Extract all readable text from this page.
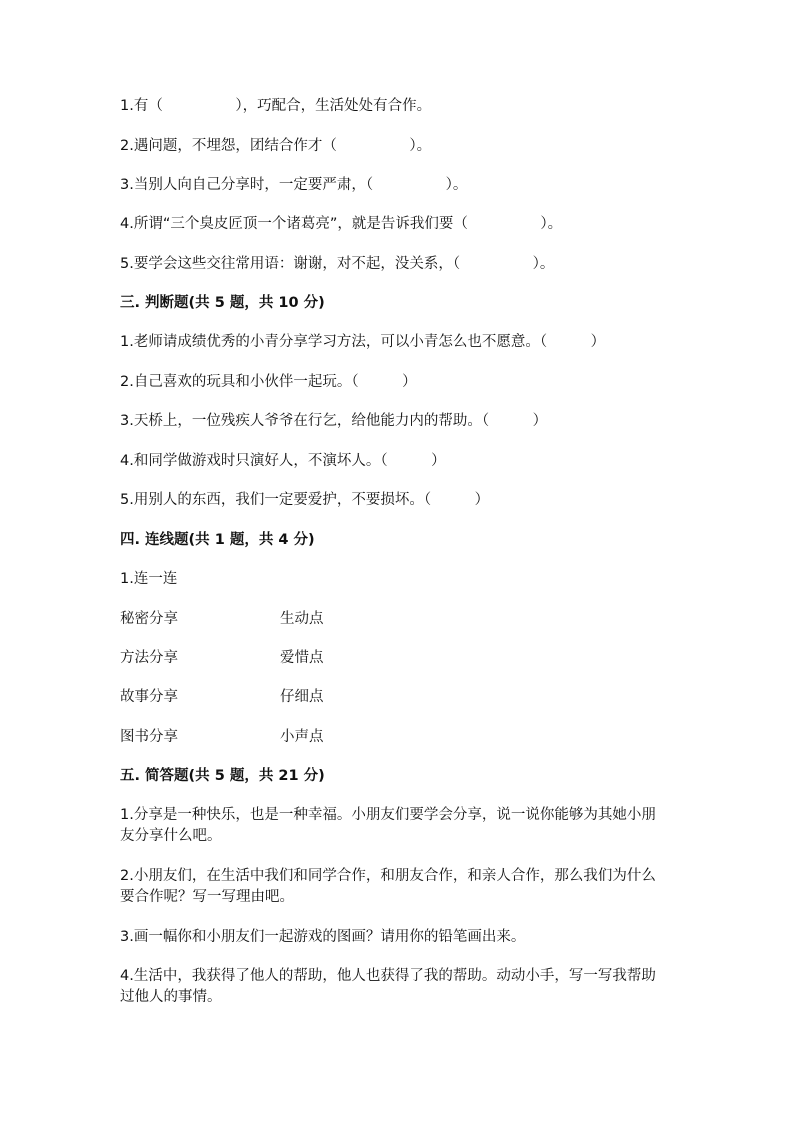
1.有（　　　　　），巧配合，生活处处有合作。
2.遇问题，不埋怨，团结合作才（　　　　　）。
3.当别人向自己分享时，一定要严肃，（　　　　　）。
4.所谓“三个臭皮匠顶一个诸葛亮”，就是告诉我们要（　　　　　）。
5.要学会这些交往常用语：谢谢，对不起，没关系，（　　　　　）。
三. 判断题(共 5 题，共 10 分)
1.老师请成绩优秀的小青分享学习方法，可以小青怎么也不愿意。（　　　）
2.自己喜欢的玩具和小伙伴一起玩。（　　　）
3.天桥上，一位残疾人爷爷在行乞，给他能力内的帮助。（　　　）
4.和同学做游戏时只演好人，不演坏人。（　　　）
5.用别人的东西，我们一定要爱护，不要损坏。（　　　）
四. 连线题(共 1 题，共 4 分)
1.连一连
秘密分享	生动点
方法分享	爱惜点
故事分享	仔细点
图书分享	小声点
五. 简答题(共 5 题，共 21 分)
1.分享是一种快乐，也是一种幸福。小朋友们要学会分享，说一说你能够为其她小朋友分享什么吧。
2.小朋友们，在生活中我们和同学合作，和朋友合作，和亲人合作，那么我们为什么要合作呢？写一写理由吧。
3.画一幅你和小朋友们一起游戏的图画？请用你的铅笔画出来。
4.生活中，我获得了他人的帮助，他人也获得了我的帮助。动动小手，写一写我帮助过他人的事情。
